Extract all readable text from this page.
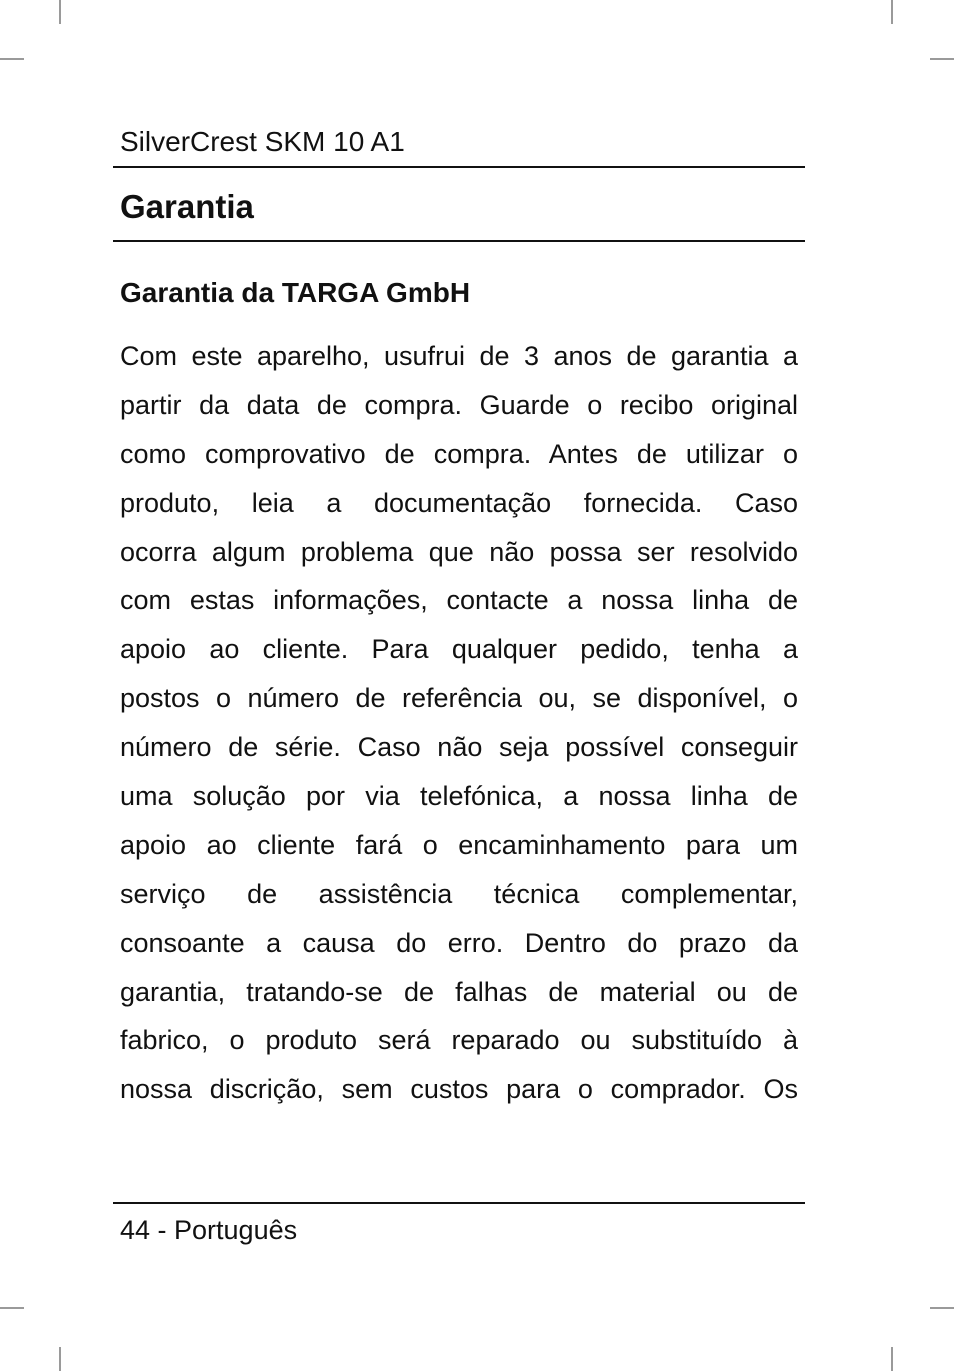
SilverCrest SKM 10 A1
Garantia
Garantia da TARGA GmbH
Com este aparelho, usufrui de 3 anos de garantia a
partir da data de compra. Guarde o recibo original
como comprovativo de compra. Antes de utilizar o
produto, leia a documentação fornecida. Caso
ocorra algum problema que não possa ser resolvido
com estas informações, contacte a nossa linha de
apoio ao cliente. Para qualquer pedido, tenha a
postos o número de referência ou, se disponível, o
número de série. Caso não seja possível conseguir
uma solução por via telefónica, a nossa linha de
apoio ao cliente fará o encaminhamento para um
serviço de assistência técnica complementar,
consoante a causa do erro. Dentro do prazo da
garantia, tratando-se de falhas de material ou de
fabrico, o produto será reparado ou substituído à
nossa discrição, sem custos para o comprador. Os
44 - Português
